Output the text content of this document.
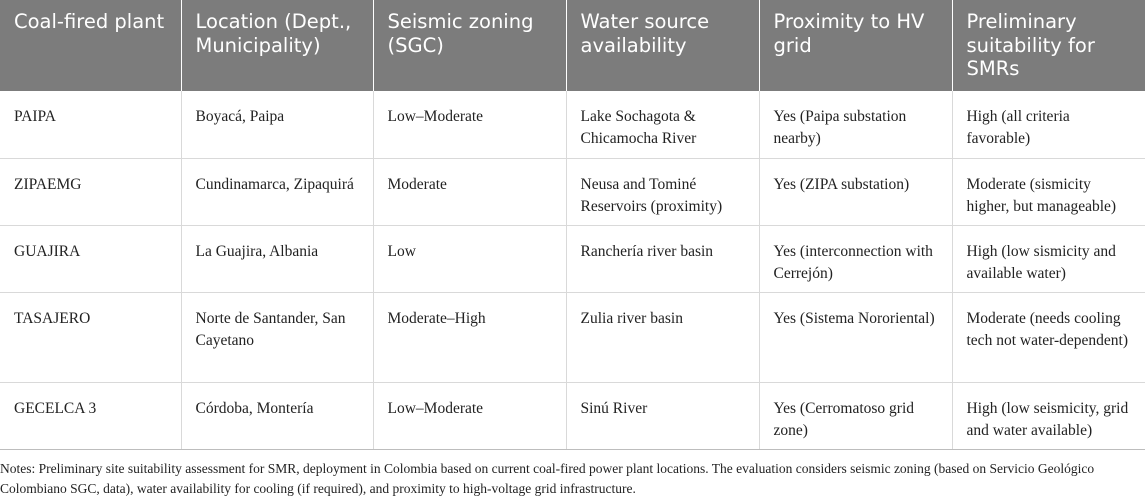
Coal-fired plant	Location (Dept., Municipality)	Seismic zoning (SGC)	Water source availability	Proximity to HV grid	Preliminary suitability for SMRs
PAIPA	Boyacá, Paipa	Low–Moderate	Lake Sochagota & Chicamocha River	Yes (Paipa substation nearby)	High (all criteria favorable)
ZIPAEMG	Cundinamarca, Zipaquirá	Moderate	Neusa and Tominé Reservoirs (proximity)	Yes (ZIPA substation)	Moderate (sismicity higher, but manageable)
GUAJIRA	La Guajira, Albania	Low	Ranchería river basin	Yes (interconnection with Cerrejón)	High (low sismicity and available water)
TASAJERO	Norte de Santander, San Cayetano	Moderate–High	Zulia river basin	Yes (Sistema Nororiental)	Moderate (needs cooling tech not water-dependent)
GECELCA 3	Córdoba, Montería	Low–Moderate	Sinú River	Yes (Cerromatoso grid zone)	High (low seismicity, grid and water available)
Notes: Preliminary site suitability assessment for SMR, deployment in Colombia based on current coal-fired power plant locations. The evaluation considers seismic zoning (based on Servicio Geológico Colombiano SGC, data), water availability for cooling (if required), and proximity to high-voltage grid infrastructure.
